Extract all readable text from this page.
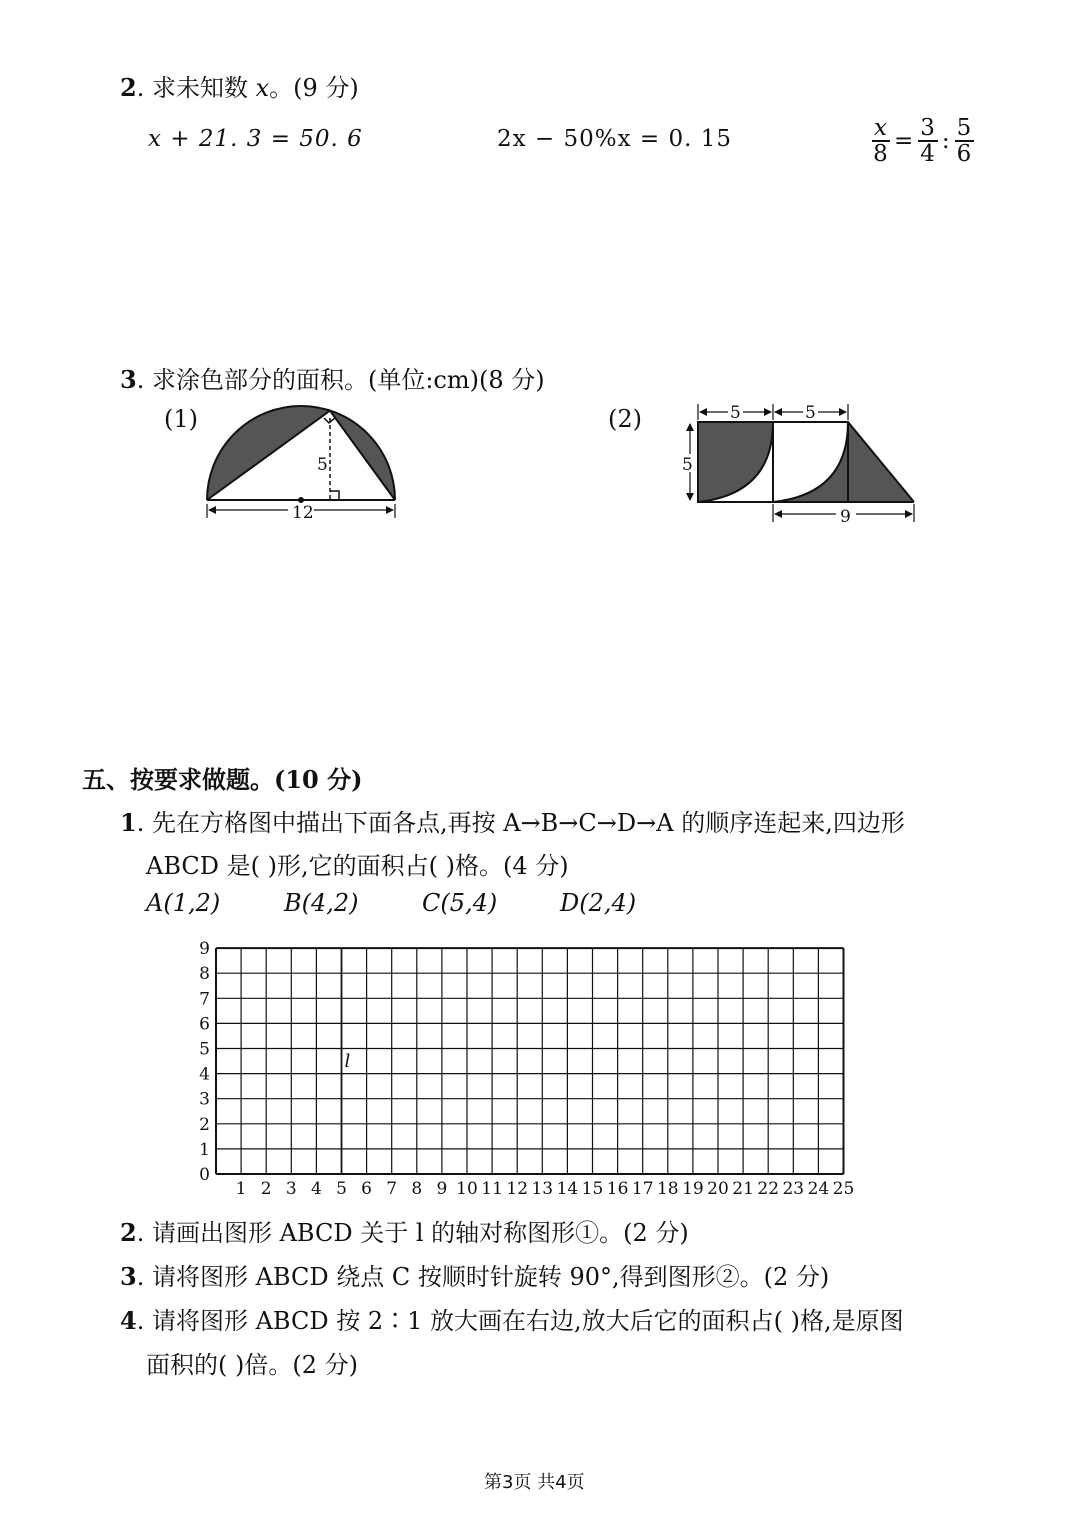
2. 求未知数 x。(9 分)
x + 21. 3 = 50. 6	2x − 50%x = 0. 15	$\frac{x}{8} = \frac{3}{4}$ : $\frac{5}{6}$
3. 求涂色部分的面积。(单位:cm)(8 分)
(1)
5
12
(2)	5	5
5
9
五、按要求做题。(10 分)
1. 先在方格图中描出下面各点,再按 A→B→C→D→A 的顺序连起来,四边形
ABCD 是( )形,它的面积占( )格。(4 分)
A(1,2)	B(4,2)	C(5,4)	D(2,4)
1 2 3 4 5 6 7 8 9 10 11 12 13 14 15 16 17 18 19 20 21 22 23 24 25
0
1
2
3
4
5
6
7
8
9
l
2. 请画出图形 ABCD 关于 l 的轴对称图形①。(2 分)
3. 请将图形 ABCD 绕点 C 按顺时针旋转 90°,得到图形②。(2 分)
4. 请将图形 ABCD 按 2∶1 放大画在右边,放大后它的面积占( )格,是原图
面积的( )倍。(2 分)
第3页 共4页
